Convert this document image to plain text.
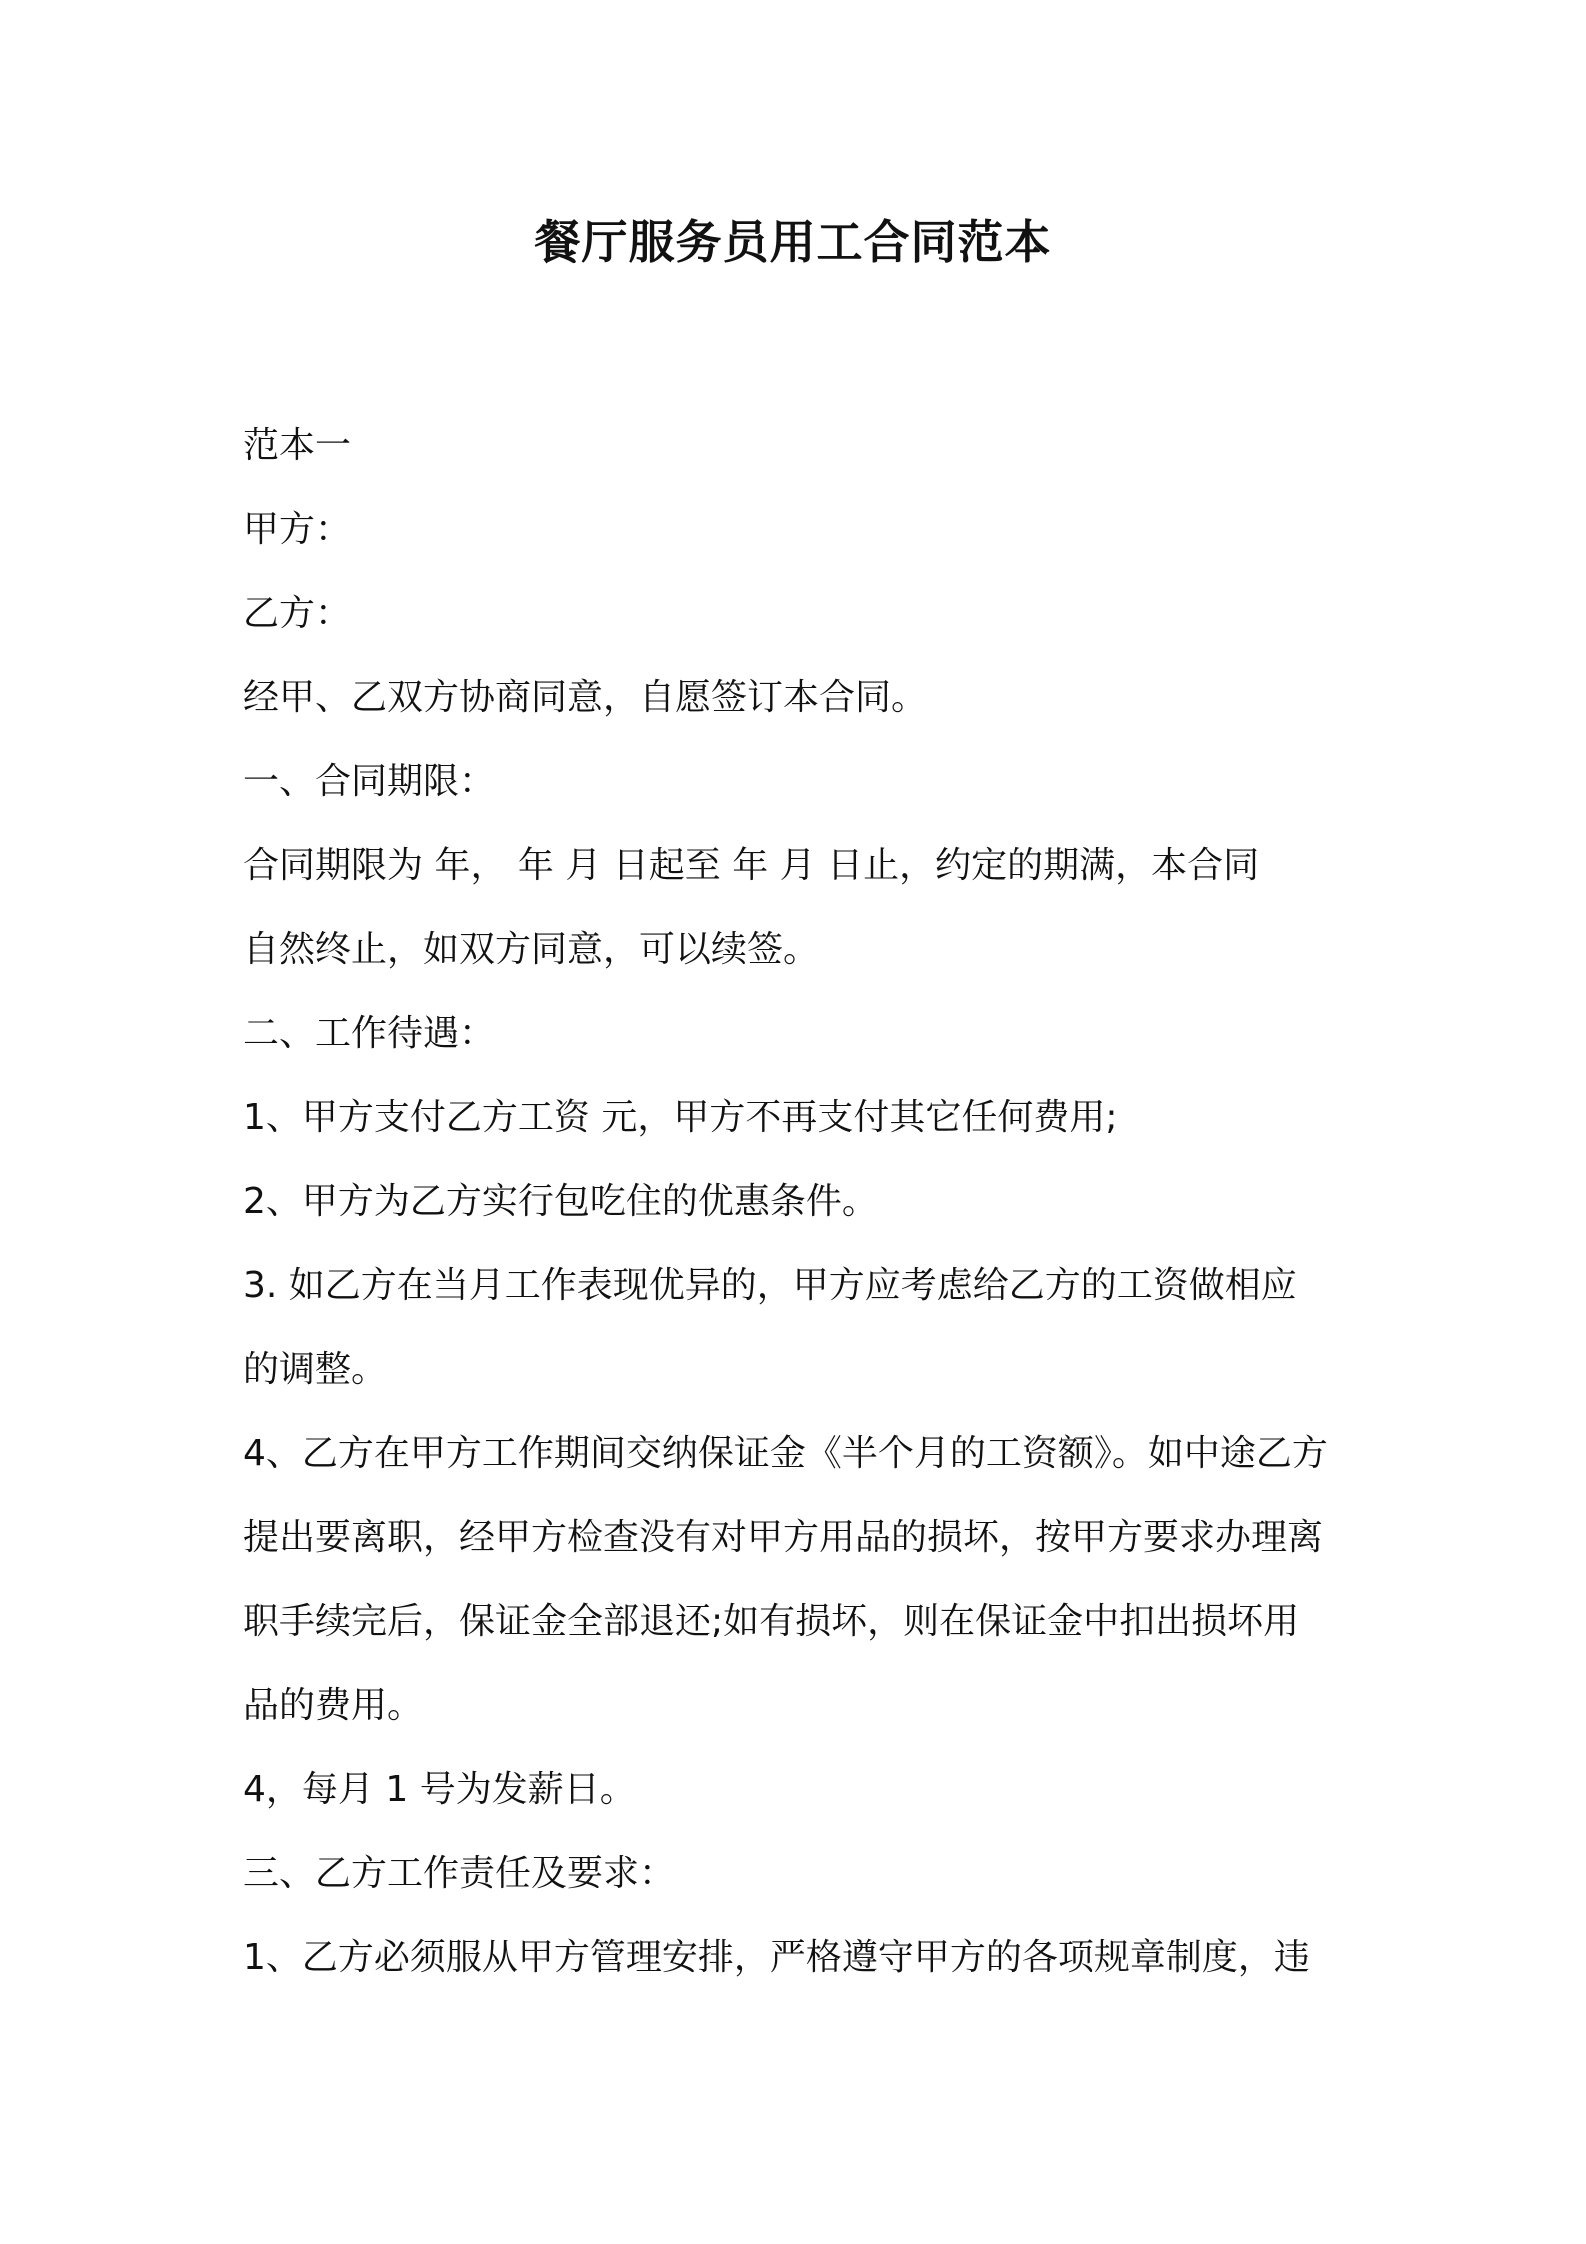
餐厅服务员用工合同范本
范本一
甲方：
乙方：
经甲、乙双方协商同意，自愿签订本合同。
一、合同期限：
合同期限为 年， 年 月 日起至 年 月 日止，约定的期满，本合同
自然终止，如双方同意，可以续签。
二、工作待遇：
1、甲方支付乙方工资 元，甲方不再支付其它任何费用;
2、甲方为乙方实行包吃住的优惠条件。
3. 如乙方在当月工作表现优异的，甲方应考虑给乙方的工资做相应
的调整。
4、乙方在甲方工作期间交纳保证金《半个月的工资额》。如中途乙方
提出要离职，经甲方检查没有对甲方用品的损坏，按甲方要求办理离
职手续完后，保证金全部退还;如有损坏，则在保证金中扣出损坏用
品的费用。
4，每月 1 号为发薪日。
三、乙方工作责任及要求：
1、乙方必须服从甲方管理安排，严格遵守甲方的各项规章制度，违
